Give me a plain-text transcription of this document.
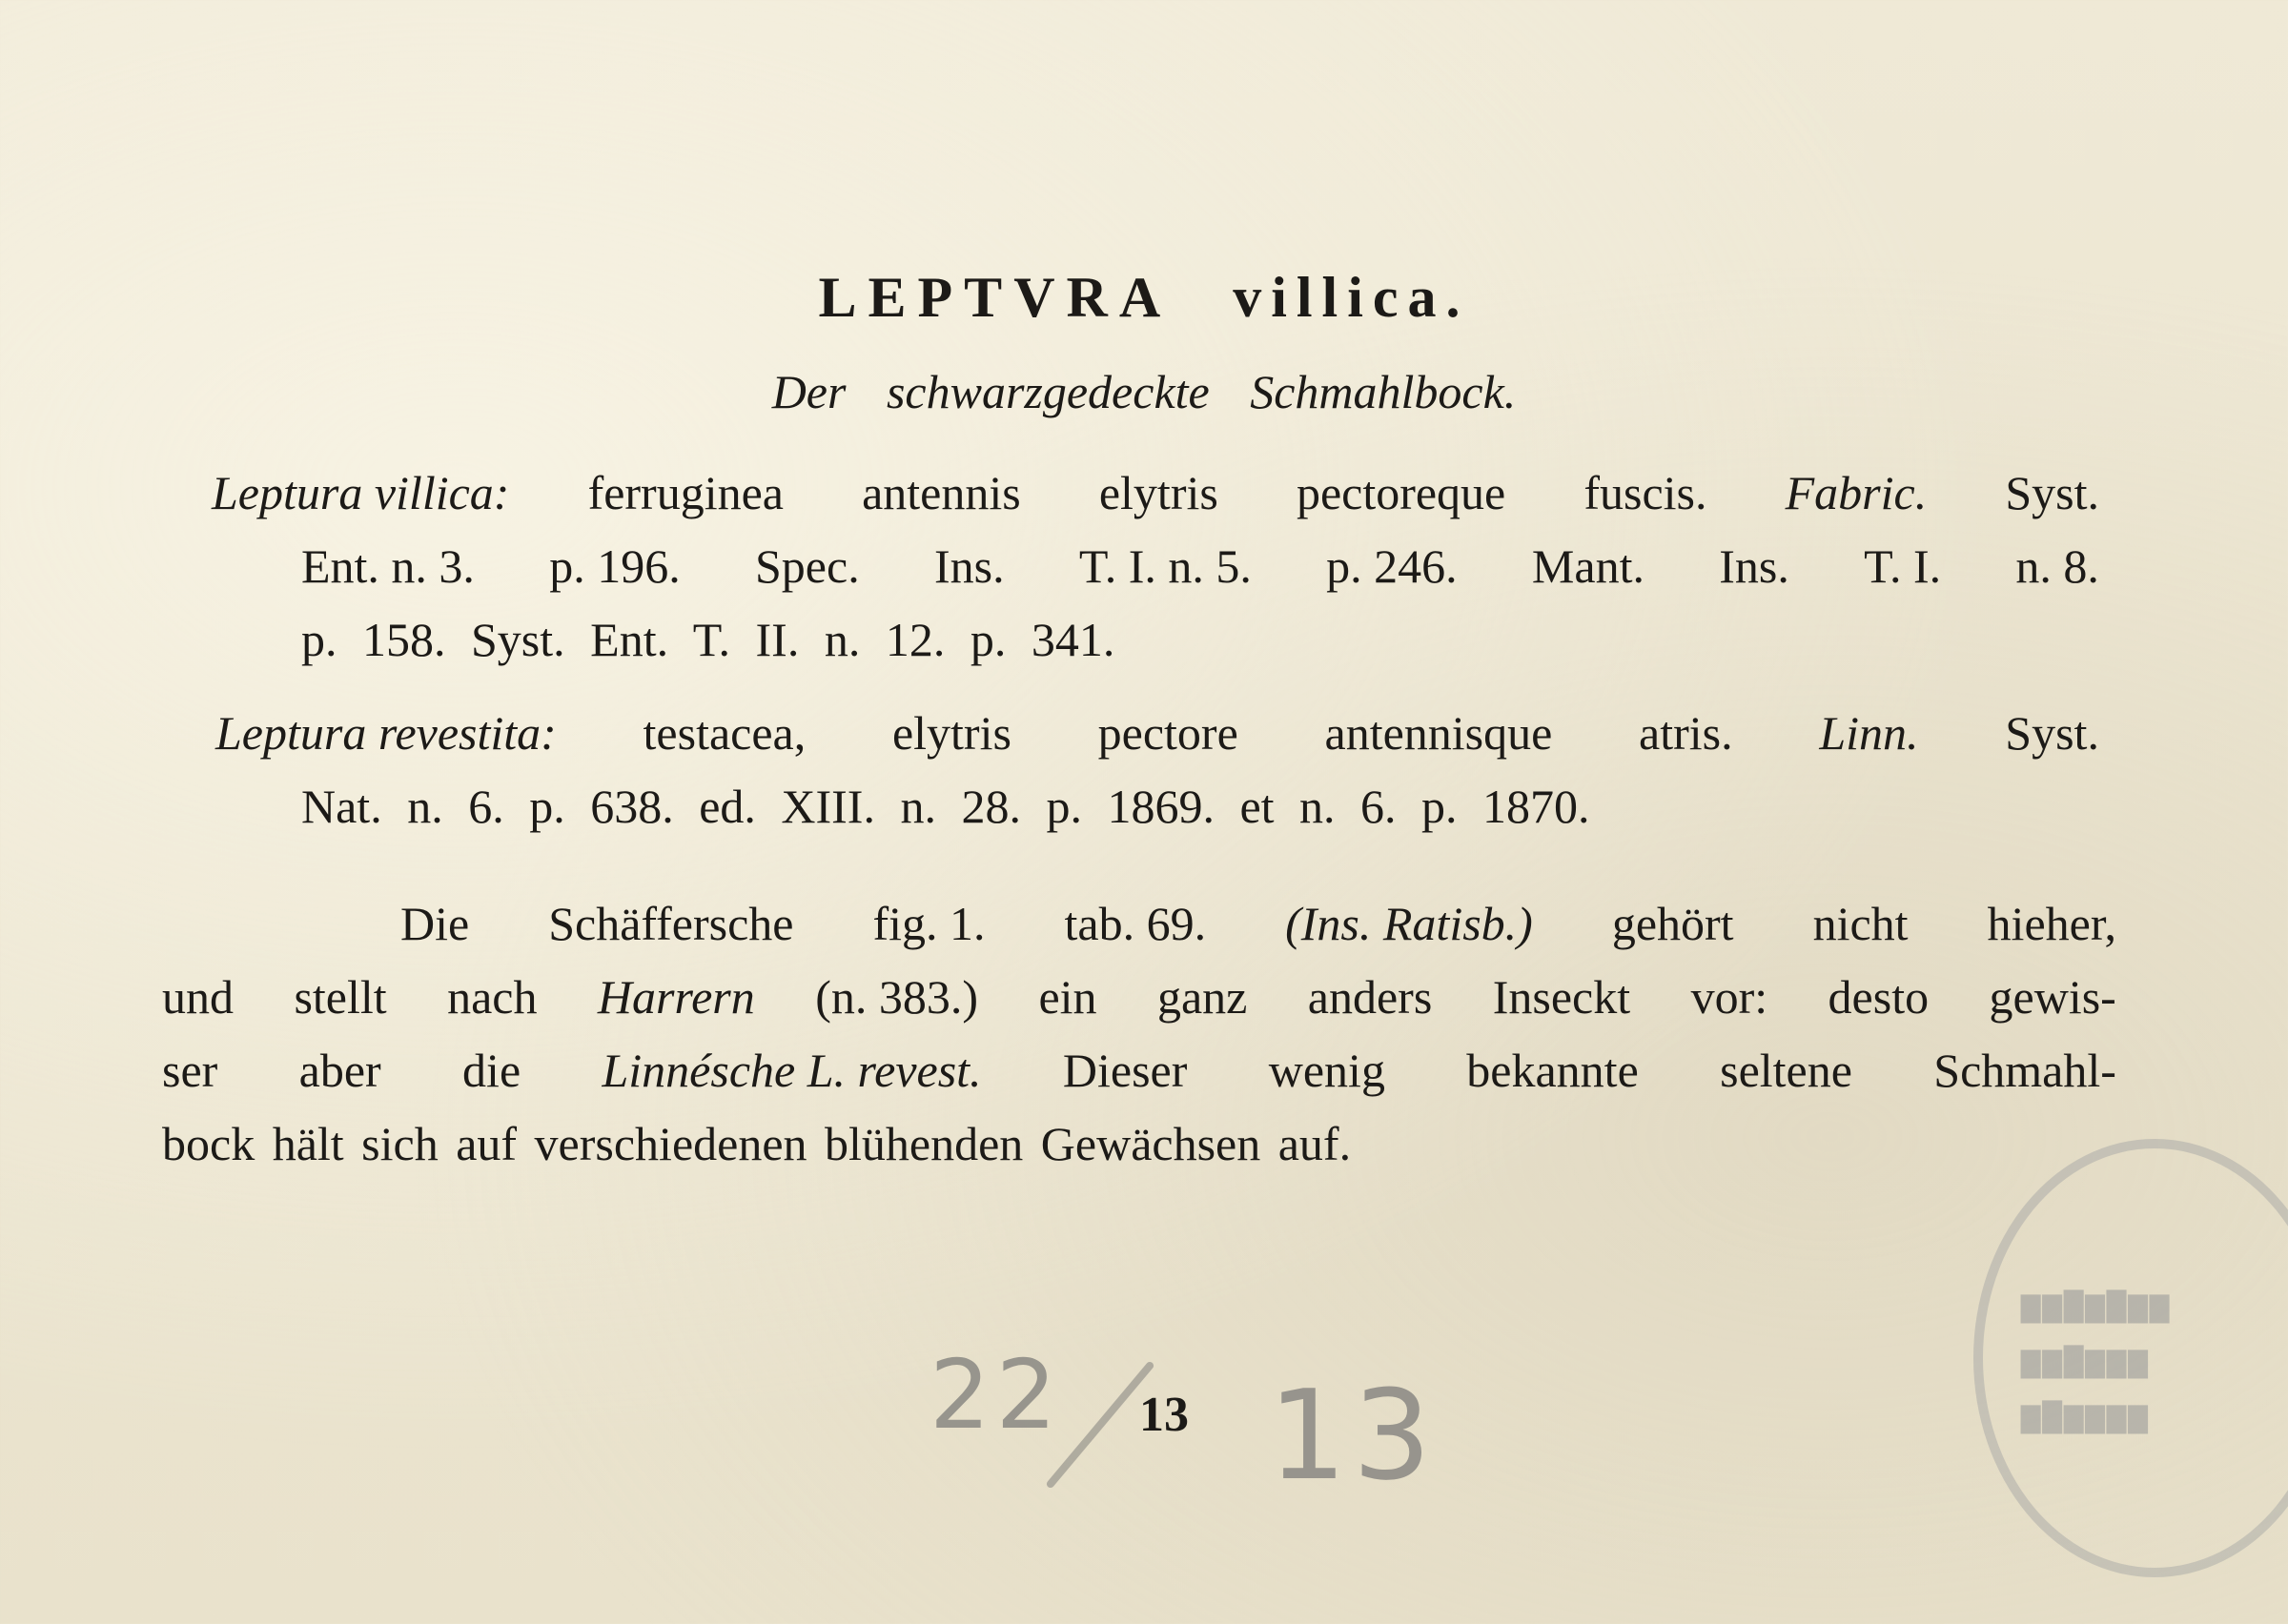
LEPTVRA villica.
Der schwarzgedeckte Schmahlbock.
Leptura villica: ferruginea antennis elytris pectoreque fuscis. Fabric. Syst.
Ent. n. 3. p. 196. Spec. Ins. T. I. n. 5. p. 246. Mant. Ins. T. I. n. 8.
p. 158. Syst. Ent. T. II. n. 12. p. 341.
Leptura revestita: testacea, elytris pectore antennisque atris. Linn. Syst.
Nat. n. 6. p. 638. ed. XIII. n. 28. p. 1869. et n. 6. p. 1870.
Die Schäffersche fig. 1. tab. 69. (Ins. Ratisb.) gehört nicht hieher,
und stellt nach Harrern (n. 383.) ein ganz anders Inseckt vor: desto gewis-
ser aber die Linnésche L. revest. Dieser wenig bekannte seltene Schmahl-
bock hält sich auf verschiedenen blühenden Gewächsen auf.
13
22 13
▆▆▇▆▇▆▆
▆▆▇▆▆▆
▆▇▆▆▆▆
